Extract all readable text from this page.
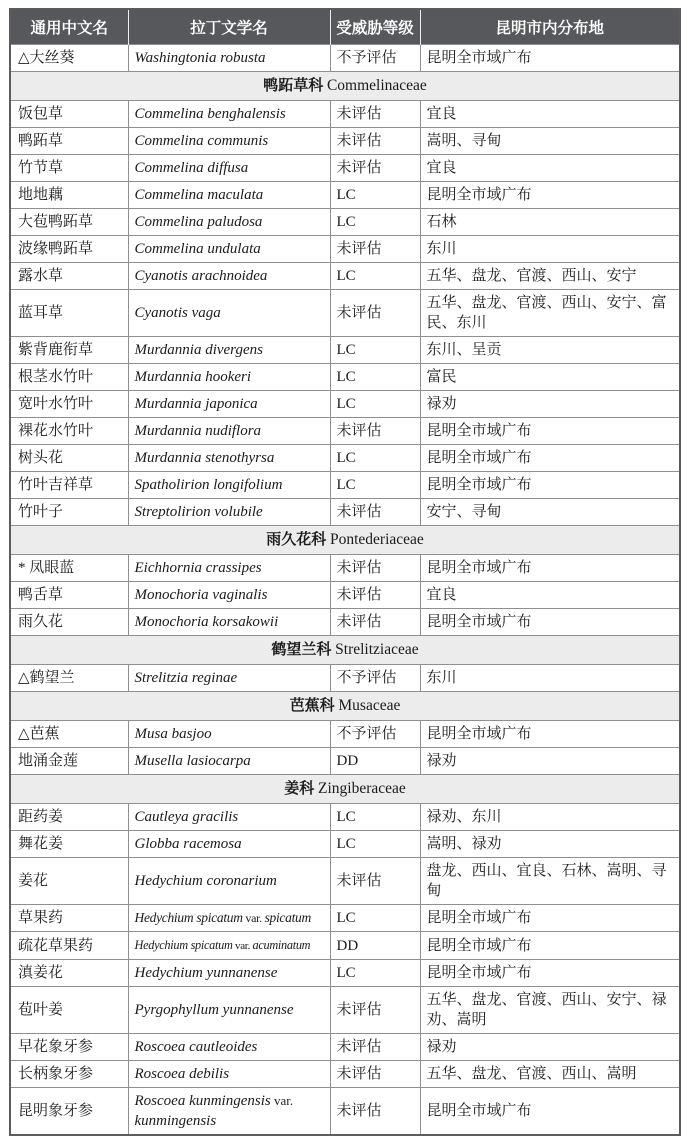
通用中文名	拉丁文学名	受威胁等级	昆明市内分布地
△大丝葵	Washingtonia robusta	不予评估	昆明全市域广布
鸭跖草科 Commelinaceae			
饭包草	Commelina benghalensis	未评估	宜良
鸭跖草	Commelina communis	未评估	嵩明、寻甸
竹节草	Commelina diffusa	未评估	宜良
地地藕	Commelina maculata	LC	昆明全市域广布
大苞鸭跖草	Commelina paludosa	LC	石林
波缘鸭跖草	Commelina undulata	未评估	东川
露水草	Cyanotis arachnoidea	LC	五华、盘龙、官渡、西山、安宁
蓝耳草	Cyanotis vaga	未评估	五华、盘龙、官渡、西山、安宁、富民、东川
紫背鹿衔草	Murdannia divergens	LC	东川、呈贡
根茎水竹叶	Murdannia hookeri	LC	富民
宽叶水竹叶	Murdannia japonica	LC	禄劝
裸花水竹叶	Murdannia nudiflora	未评估	昆明全市域广布
树头花	Murdannia stenothyrsa	LC	昆明全市域广布
竹叶吉祥草	Spatholirion longifolium	LC	昆明全市域广布
竹叶子	Streptolirion volubile	未评估	安宁、寻甸
雨久花科 Pontederiaceae			
* 凤眼蓝	Eichhornia crassipes	未评估	昆明全市域广布
鸭舌草	Monochoria vaginalis	未评估	宜良
雨久花	Monochoria korsakowii	未评估	昆明全市域广布
鹤望兰科 Strelitziaceae			
△鹤望兰	Strelitzia reginae	不予评估	东川
芭蕉科 Musaceae			
△芭蕉	Musa basjoo	不予评估	昆明全市域广布
地涌金莲	Musella lasiocarpa	DD	禄劝
姜科 Zingiberaceae			
距药姜	Cautleya gracilis	LC	禄劝、东川
舞花姜	Globba racemosa	LC	嵩明、禄劝
姜花	Hedychium coronarium	未评估	盘龙、西山、宜良、石林、嵩明、寻甸
草果药	Hedychium spicatum var. spicatum	LC	昆明全市域广布
疏花草果药	Hedychium spicatum var. acuminatum	DD	昆明全市域广布
滇姜花	Hedychium yunnanense	LC	昆明全市域广布
苞叶姜	Pyrgophyllum yunnanense	未评估	五华、盘龙、官渡、西山、安宁、禄劝、嵩明
早花象牙参	Roscoea cautleoides	未评估	禄劝
长柄象牙参	Roscoea debilis	未评估	五华、盘龙、官渡、西山、嵩明
昆明象牙参	Roscoea kunmingensis var. kunmingensis	未评估	昆明全市域广布
